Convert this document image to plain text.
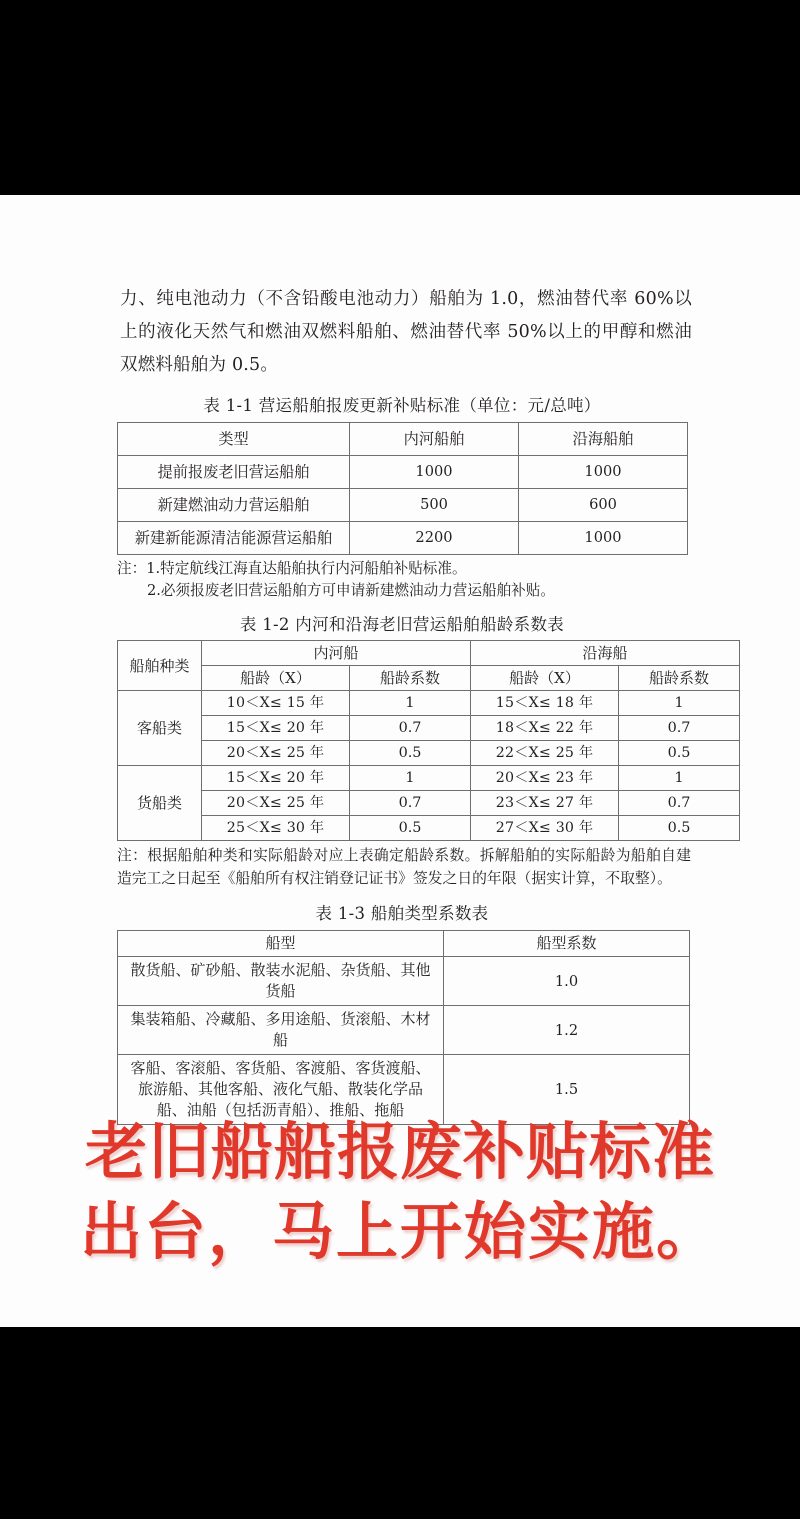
力、纯电池动力（不含铅酸电池动力）船舶为 1.0，燃油替代率 60%以上的液化天然气和燃油双燃料船舶、燃油替代率 50%以上的甲醇和燃油双燃料船舶为 0.5。
表 1-1 营运船舶报废更新补贴标准（单位：元/总吨）
类型	内河船舶	沿海船舶
提前报废老旧营运船舶	1000	1000
新建燃油动力营运船舶	500	600
新建新能源清洁能源营运船舶	2200	1000
注：1.特定航线江海直达船舶执行内河船舶补贴标准。
2.必须报废老旧营运船舶方可申请新建燃油动力营运船舶补贴。
表 1-2 内河和沿海老旧营运船舶船龄系数表
船舶种类	内河船		沿海船	
	船龄（X）	船龄系数	船龄（X）	船龄系数
客船类	10＜X≤ 15 年	1	15＜X≤ 18 年	1
	15＜X≤ 20 年	0.7	18＜X≤ 22 年	0.7
	20＜X≤ 25 年	0.5	22＜X≤ 25 年	0.5
货船类	15＜X≤ 20 年	1	20＜X≤ 23 年	1
	20＜X≤ 25 年	0.7	23＜X≤ 27 年	0.7
	25＜X≤ 30 年	0.5	27＜X≤ 30 年	0.5
注：根据船舶种类和实际船龄对应上表确定船龄系数。拆解船舶的实际船龄为船舶自建造完工之日起至《船舶所有权注销登记证书》签发之日的年限（据实计算，不取整）。
表 1-3 船舶类型系数表
船型	船型系数
散货船、矿砂船、散装水泥船、杂货船、其他货船	1.0
集装箱船、冷藏船、多用途船、货滚船、木材船	1.2
客船、客滚船、客货船、客渡船、客货渡船、旅游船、其他客船、液化气船、散装化学品船、油船（包括沥青船）、推船、拖船	1.5
老旧船船报废补贴标准
出台，马上开始实施。
